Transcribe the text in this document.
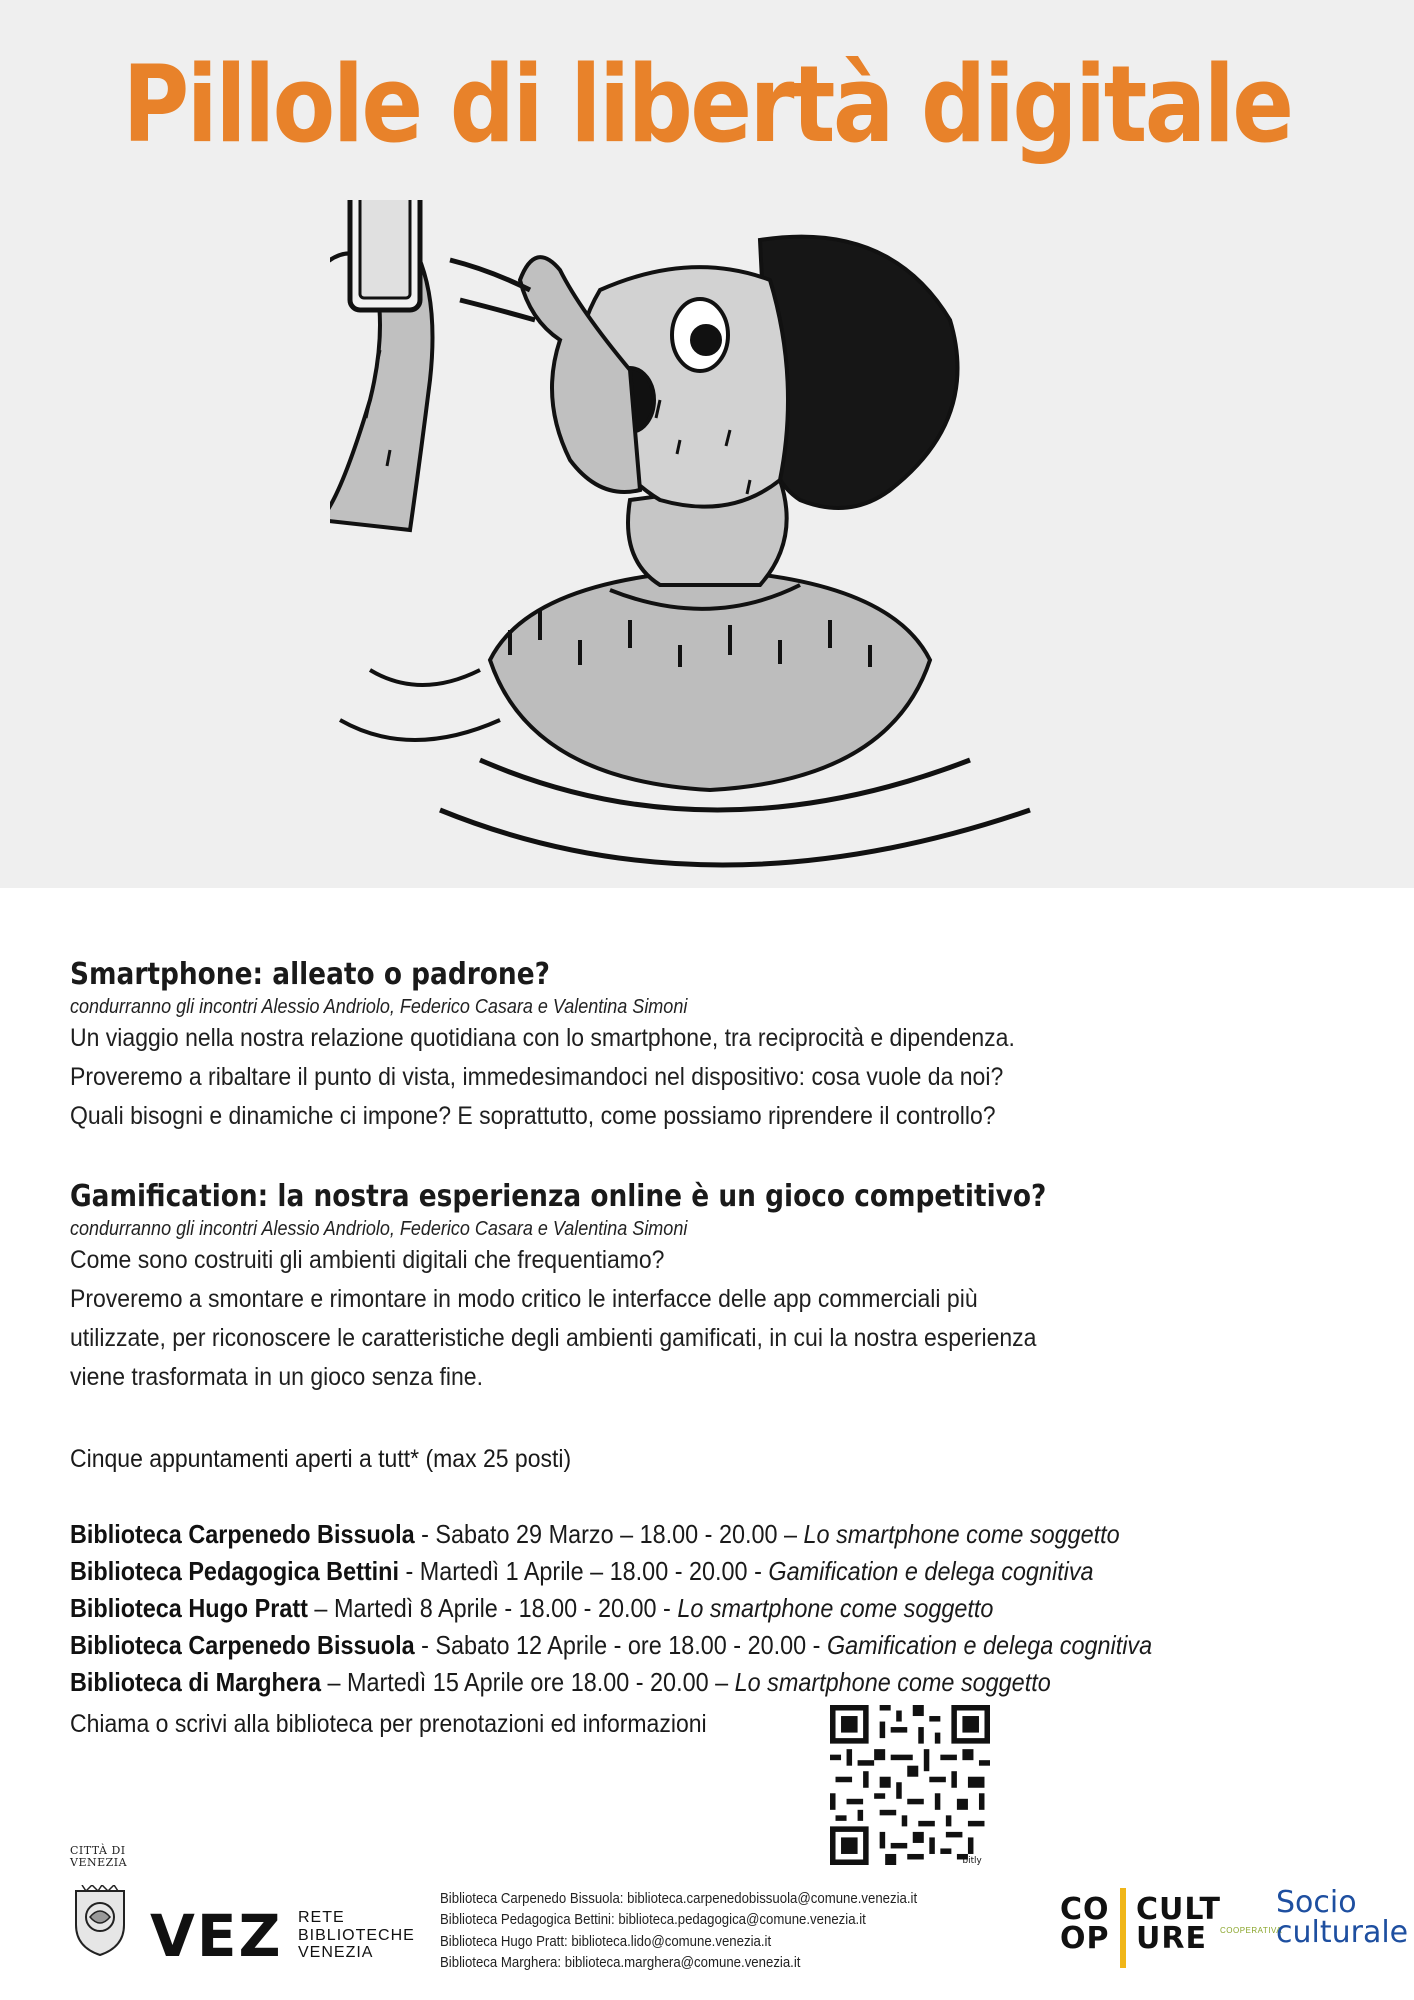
Pillole di libertà digitale
Smartphone: alleato o padrone?
condurranno gli incontri Alessio Andriolo, Federico Casara e Valentina Simoni
Un viaggio nella nostra relazione quotidiana con lo smartphone, tra reciprocità e dipendenza.
Proveremo a ribaltare il punto di vista, immedesimandoci nel dispositivo: cosa vuole da noi?
Quali bisogni e dinamiche ci impone? E soprattutto, come possiamo riprendere il controllo?
Gamification: la nostra esperienza online è un gioco competitivo?
condurranno gli incontri Alessio Andriolo, Federico Casara e Valentina Simoni
Come sono costruiti gli ambienti digitali che frequentiamo?
Proveremo a smontare e rimontare in modo critico le interfacce delle app commerciali più
utilizzate, per riconoscere le caratteristiche degli ambienti gamificati, in cui la nostra esperienza
viene trasformata in un gioco senza fine.
Cinque appuntamenti aperti a tutt* (max 25 posti)
Biblioteca Carpenedo Bissuola - Sabato 29 Marzo – 18.00 - 20.00 – Lo smartphone come soggetto
Biblioteca Pedagogica Bettini - Martedì 1 Aprile – 18.00 - 20.00 - Gamification e delega cognitiva
Biblioteca Hugo Pratt – Martedì 8 Aprile - 18.00 - 20.00 - Lo smartphone come soggetto
Biblioteca Carpenedo Bissuola - Sabato 12 Aprile - ore 18.00 - 20.00 - Gamification e delega cognitiva
Biblioteca di Marghera – Martedì 15 Aprile ore 18.00 - 20.00 – Lo smartphone come soggetto
Chiama o scrivi alla biblioteca per prenotazioni ed informazioni
bitly
CITTÀ DI VENEZIA
VEZ RETE
BIBLIOTECHE
VENEZIA
Biblioteca Carpenedo Bissuola: biblioteca.carpenedobissuola@comune.venezia.it
Biblioteca Pedagogica Bettini: biblioteca.pedagogica@comune.venezia.it
Biblioteca Hugo Pratt: biblioteca.lido@comune.venezia.it
Biblioteca Marghera: biblioteca.marghera@comune.venezia.it
CO
OP
CULT
URE	COOPERATIVA
Socio
culturale
